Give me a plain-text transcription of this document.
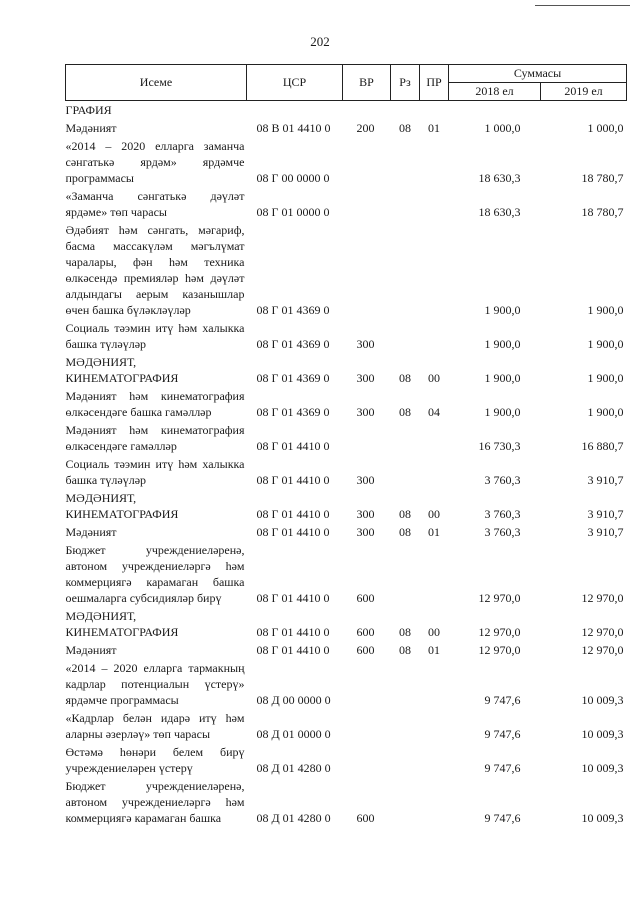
202
Исеме	ЦСР	ВР	Рз	ПР	Суммасы	
					2018 ел	2019 ел
ГРАФИЯ						
Мәдәният	08 В 01 4410 0	200	08	01	1 000,0	1 000,0
«2014 – 2020 елларга заманча сәнгатькә ярдәм» ярдәмче программасы	08 Г 00 0000 0				18 630,3	18 780,7
«Заманча сәнгатькә дәүләт ярдәме» төп чарасы	08 Г 01 0000 0				18 630,3	18 780,7
Әдәбият һәм сәнгать, мәгариф, басма массакүләм мәгълүмат чаралары, фән һәм техника өлкәсендә премияләр һәм дәүләт алдындагы аерым казанышлар өчен башка бүләкләүләр	08 Г 01 4369 0				1 900,0	1 900,0
Социаль тәэмин итү һәм халыкка башка түләүләр	08 Г 01 4369 0	300			1 900,0	1 900,0
МӘДӘНИЯТ, КИНЕМАТОГРАФИЯ	08 Г 01 4369 0	300	08	00	1 900,0	1 900,0
Мәдәният һәм кинематография өлкәсендәге башка гамәлләр	08 Г 01 4369 0	300	08	04	1 900,0	1 900,0
Мәдәният һәм кинематография өлкәсендәге гамәлләр	08 Г 01 4410 0				16 730,3	16 880,7
Социаль тәэмин итү һәм халыкка башка түләүләр	08 Г 01 4410 0	300			3 760,3	3 910,7
МӘДӘНИЯТ, КИНЕМАТОГРАФИЯ	08 Г 01 4410 0	300	08	00	3 760,3	3 910,7
Мәдәният	08 Г 01 4410 0	300	08	01	3 760,3	3 910,7
Бюджет учреждениеләренә, автоном учреждениеләргә һәм коммерциягә карамаган башка оешмаларга субсидияләр бирү	08 Г 01 4410 0	600			12 970,0	12 970,0
МӘДӘНИЯТ, КИНЕМАТОГРАФИЯ	08 Г 01 4410 0	600	08	00	12 970,0	12 970,0
Мәдәният	08 Г 01 4410 0	600	08	01	12 970,0	12 970,0
«2014 – 2020 елларга тармакның кадрлар потенциалын үстерү» ярдәмче программасы	08 Д 00 0000 0				9 747,6	10 009,3
«Кадрлар белән идарә итү һәм аларны әзерләү» төп чарасы	08 Д 01 0000 0				9 747,6	10 009,3
Өстәмә һөнәри белем бирү учреждениеләрен үстерү	08 Д 01 4280 0				9 747,6	10 009,3
Бюджет учреждениеләренә, автоном учреждениеләргә һәм коммерциягә карамаган башка	08 Д 01 4280 0	600			9 747,6	10 009,3
